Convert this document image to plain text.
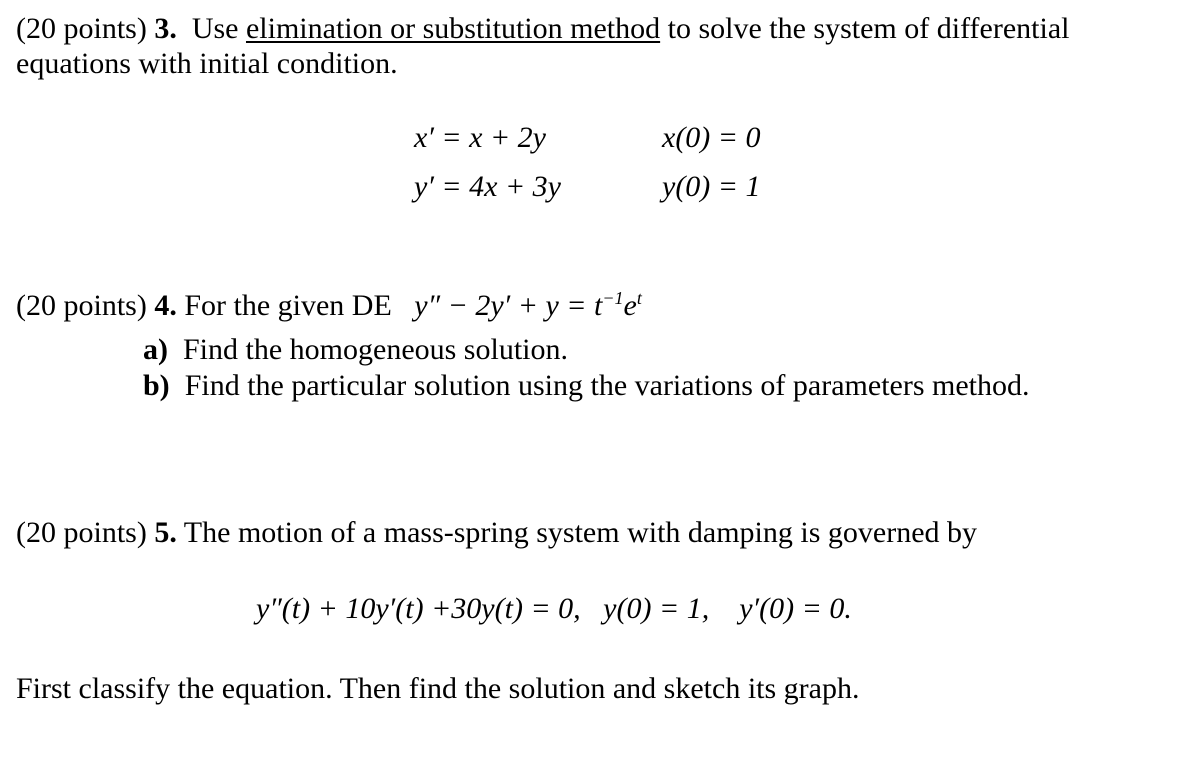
(20 points) 3. Use elimination or substitution method to solve the system of differential
equations with initial condition.
x′ = x + 2y
y′ = 4x + 3y
x(0) = 0
y(0) = 1
(20 points) 4. For the given DE $y'' - 2y' + y = t^{-1}e^t$
a) Find the homogeneous solution.
b) Find the particular solution using the variations of parameters method.
(20 points) 5. The motion of a mass-spring system with damping is governed by
y″(t) + 10y′(t) +30y(t) = 0,   y(0) = 1,    y′(0) = 0.
First classify the equation. Then find the solution and sketch its graph.
